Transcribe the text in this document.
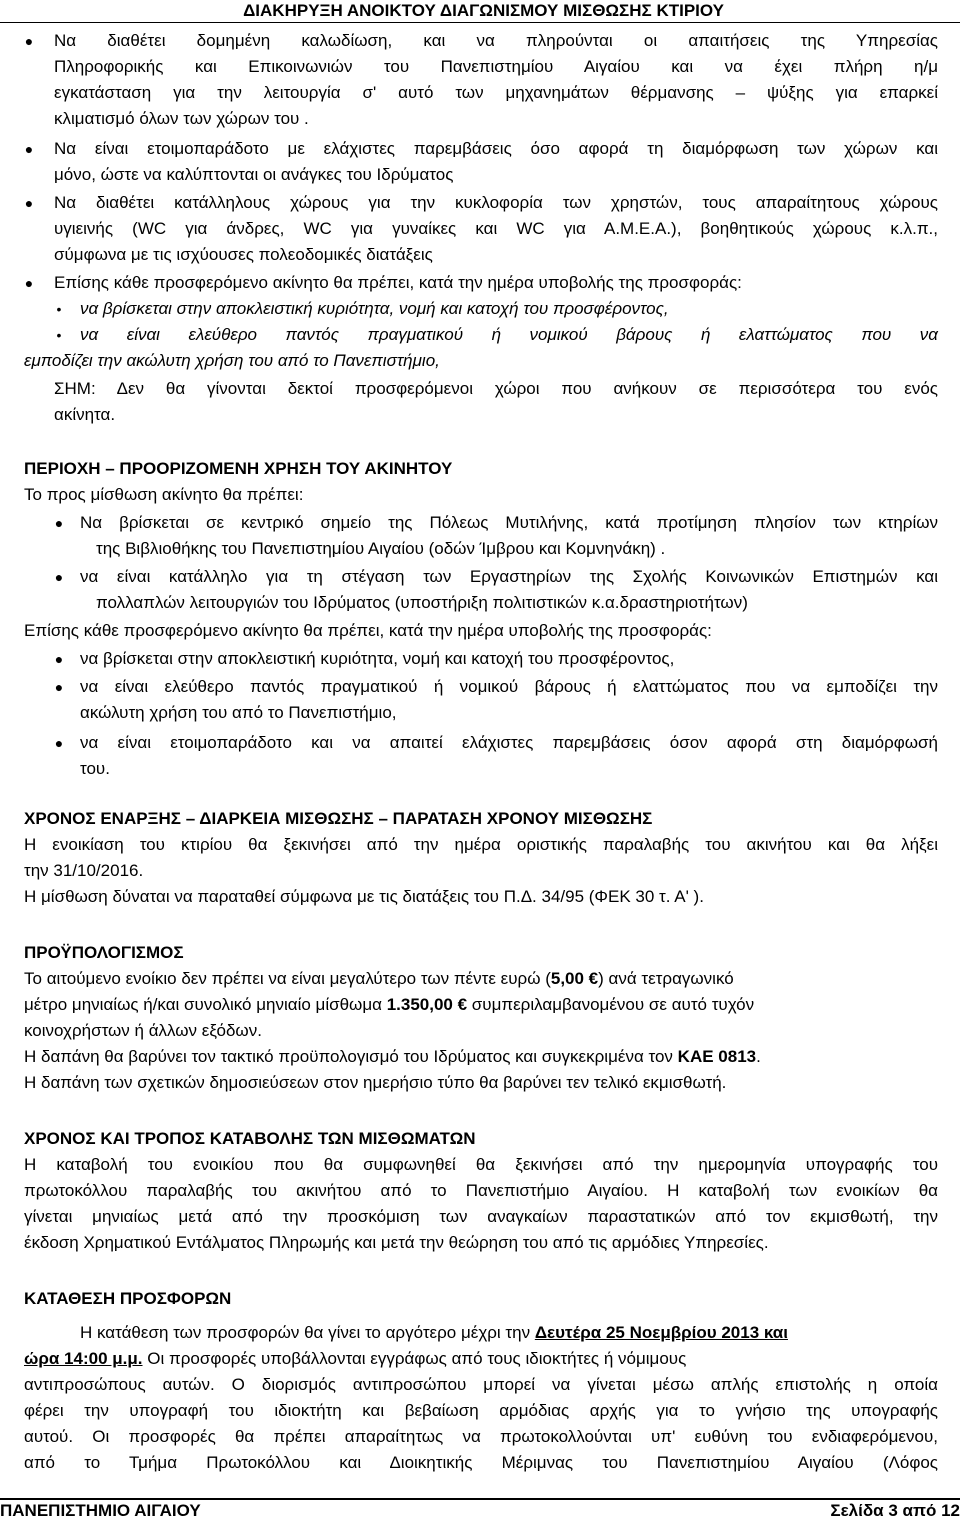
ΔΙΑΚΗΡΥΞΗ ΑΝΟΙΚΤΟΥ ΔΙΑΓΩΝΙΣΜΟΥ ΜΙΣΘΩΣΗΣ ΚΤΙΡΙΟΥ
● Να διαθέτει δομημένη καλωδίωση, και να πληρούνται οι απαιτήσεις της Υπηρεσίας
Πληροφορικής και Επικοινωνιών του Πανεπιστημίου Αιγαίου και να έχει πλήρη η/μ
εγκατάσταση για την λειτουργία σ' αυτό των μηχανημάτων θέρμανσης – ψύξης για επαρκεί
κλιματισμό όλων των χώρων του .
● Να είναι ετοιμοπαράδοτο με ελάχιστες παρεμβάσεις όσο αφορά τη διαμόρφωση των χώρων και
μόνο, ώστε να καλύπτονται οι ανάγκες του Ιδρύματος
● Να διαθέτει κατάλληλους χώρους για την κυκλοφορία των χρηστών, τους απαραίτητους χώρους
υγιεινής (WC για άνδρες, WC για γυναίκες και WC για Α.Μ.Ε.Α.), βοηθητικούς χώρους κ.λ.π.,
σύμφωνα με τις ισχύουσες πολεοδομικές διατάξεις
● Επίσης κάθε προσφερόμενο ακίνητο θα πρέπει, κατά την ημέρα υποβολής της προσφοράς:
• να βρίσκεται στην αποκλειστική κυριότητα, νομή και κατοχή του προσφέροντος,
• να είναι ελεύθερο παντός πραγματικού ή νομικού βάρους ή ελαττώματος που να
εμποδίζει την ακώλυτη χρήση του από το Πανεπιστήμιο,
ΣΗΜ: Δεν θα γίνονται δεκτοί προσφερόμενοι χώροι που ανήκουν σε περισσότερα του ενός
ακίνητα.
ΠΕΡΙΟΧΗ – ΠΡΟΟΡΙΖΟΜΕΝΗ ΧΡΗΣΗ ΤΟΥ ΑΚΙΝΗΤΟΥ
Το προς μίσθωση ακίνητο θα πρέπει:
● Να βρίσκεται σε κεντρικό σημείο της Πόλεως Μυτιλήνης, κατά προτίμηση πλησίον των κτηρίων
της Βιβλιοθήκης του Πανεπιστημίου Αιγαίου (οδών Ίμβρου και Κομνηνάκη) .
● να είναι κατάλληλο για τη στέγαση των Εργαστηρίων της Σχολής Κοινωνικών Επιστημών και
πολλαπλών λειτουργιών του Ιδρύματος (υποστήριξη πολιτιστικών κ.α.δραστηριοτήτων)
Επίσης κάθε προσφερόμενο ακίνητο θα πρέπει, κατά την ημέρα υποβολής της προσφοράς:
● να βρίσκεται στην αποκλειστική κυριότητα, νομή και κατοχή του προσφέροντος,
● να είναι ελεύθερο παντός πραγματικού ή νομικού βάρους ή ελαττώματος που να εμποδίζει την
ακώλυτη χρήση του από το Πανεπιστήμιο,
● να είναι ετοιμοπαράδοτο και να απαιτεί ελάχιστες παρεμβάσεις όσον αφορά στη διαμόρφωσή
του.
ΧΡΟΝΟΣ ΕΝΑΡΞΗΣ – ΔΙΑΡΚΕΙΑ ΜΙΣΘΩΣΗΣ – ΠΑΡΑΤΑΣΗ ΧΡΟΝΟΥ ΜΙΣΘΩΣΗΣ
Η ενοικίαση του κτιρίου θα ξεκινήσει από την ημέρα οριστικής παραλαβής του ακινήτου και θα λήξει
την 31/10/2016.
Η μίσθωση δύναται να παραταθεί σύμφωνα με τις διατάξεις του Π.Δ. 34/95 (ΦΕΚ 30 τ. Α' ).
ΠΡΟΫΠΟΛΟΓΙΣΜΟΣ
Το αιτούμενο ενοίκιο δεν πρέπει να είναι μεγαλύτερο των πέντε ευρώ (5,00 €) ανά τετραγωνικό
μέτρο μηνιαίως ή/και συνολικό μηνιαίο μίσθωμα 1.350,00 € συμπεριλαμβανομένου σε αυτό τυχόν
κοινοχρήστων ή άλλων εξόδων.
Η δαπάνη θα βαρύνει τον τακτικό προϋπολογισμό του Ιδρύματος και συγκεκριμένα τον ΚΑΕ 0813.
Η δαπάνη των σχετικών δημοσιεύσεων στον ημερήσιο τύπο θα βαρύνει τεν τελικό εκμισθωτή.
ΧΡΟΝΟΣ ΚΑΙ ΤΡΟΠΟΣ ΚΑΤΑΒΟΛΗΣ ΤΩΝ ΜΙΣΘΩΜΑΤΩΝ
Η καταβολή του ενοικίου που θα συμφωνηθεί θα ξεκινήσει από την ημερομηνία υπογραφής του
πρωτοκόλλου παραλαβής του ακινήτου από το Πανεπιστήμιο Αιγαίου. Η καταβολή των ενοικίων θα
γίνεται μηνιαίως μετά από την προσκόμιση των αναγκαίων παραστατικών από τον εκμισθωτή, την
έκδοση Χρηματικού Εντάλματος Πληρωμής και μετά την θεώρηση του από τις αρμόδιες Υπηρεσίες.
ΚΑΤΑΘΕΣΗ ΠΡΟΣΦΟΡΩΝ
Η κατάθεση των προσφορών θα γίνει το αργότερο μέχρι την Δευτέρα 25 Νοεμβρίου 2013 και
ώρα 14:00 μ.μ. Οι προσφορές υποβάλλονται εγγράφως από τους ιδιοκτήτες ή νόμιμους
αντιπροσώπους αυτών. Ο διορισμός αντιπροσώπου μπορεί να γίνεται μέσω απλής επιστολής η οποία
φέρει την υπογραφή του ιδιοκτήτη και βεβαίωση αρμόδιας αρχής για το γνήσιο της υπογραφής
αυτού. Οι προσφορές θα πρέπει απαραίτητως να πρωτοκολλούνται υπ' ευθύνη του ενδιαφερόμενου,
από το Τμήμα Πρωτοκόλλου και Διοικητικής Μέριμνας του Πανεπιστημίου Αιγαίου (Λόφος
ΠΑΝΕΠΙΣΤΗΜΙΟ ΑΙΓΑΙΟΥ	Σελίδα 3 από 12
